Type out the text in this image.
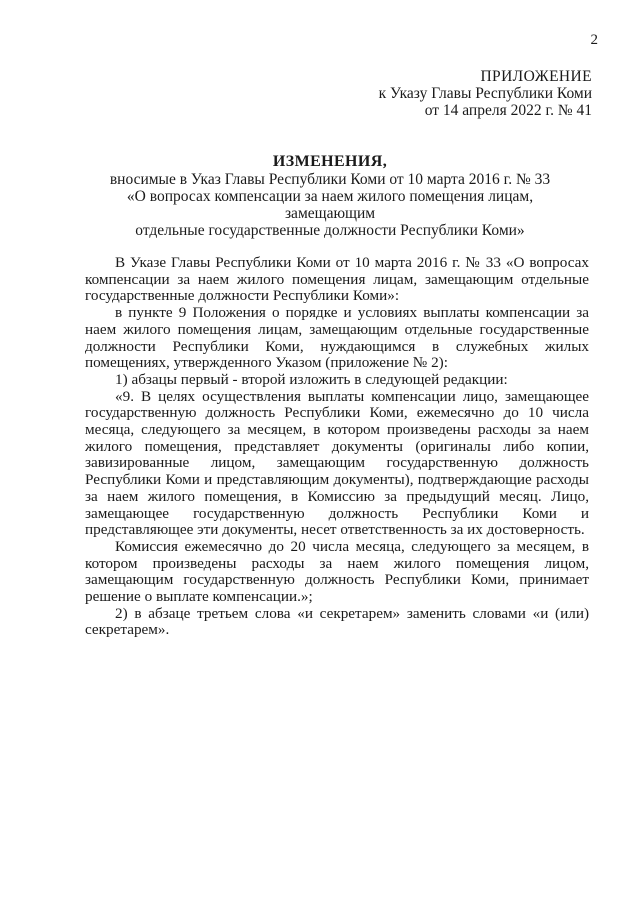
2
ПРИЛОЖЕНИЕ
к Указу Главы Республики Коми
от 14 апреля 2022 г. № 41
ИЗМЕНЕНИЯ,
вносимые в Указ Главы Республики Коми от 10 марта 2016 г. № 33
«О вопросах компенсации за наем жилого помещения лицам, замещающим
отдельные государственные должности Республики Коми»

В Указе Главы Республики Коми от 10 марта 2016 г. № 33 «О вопросах компенсации за наем жилого помещения лицам, замещающим отдельные государственные должности Республики Коми»:

в пункте 9 Положения о порядке и условиях выплаты компенсации за наем жилого помещения лицам, замещающим отдельные государственные должности Республики Коми, нуждающимся в служебных жилых помещениях, утвержденного Указом (приложение № 2):

1) абзацы первый - второй изложить в следующей редакции:

«9. В целях осуществления выплаты компенсации лицо, замещающее государственную должность Республики Коми, ежемесячно до 10 числа месяца, следующего за месяцем, в котором произведены расходы за наем жилого помещения, представляет документы (оригиналы либо копии, завизированные лицом, замещающим государственную должность Республики Коми и представляющим документы), подтверждающие расходы за наем жилого помещения, в Комиссию за предыдущий месяц. Лицо, замещающее государственную должность Республики Коми и представляющее эти документы, несет ответственность за их достоверность.

Комиссия ежемесячно до 20 числа месяца, следующего за месяцем, в котором произведены расходы за наем жилого помещения лицом, замещающим государственную должность Республики Коми, принимает решение о выплате компенсации.»;

2) в абзаце третьем слова «и секретарем» заменить словами «и (или) секретарем».
